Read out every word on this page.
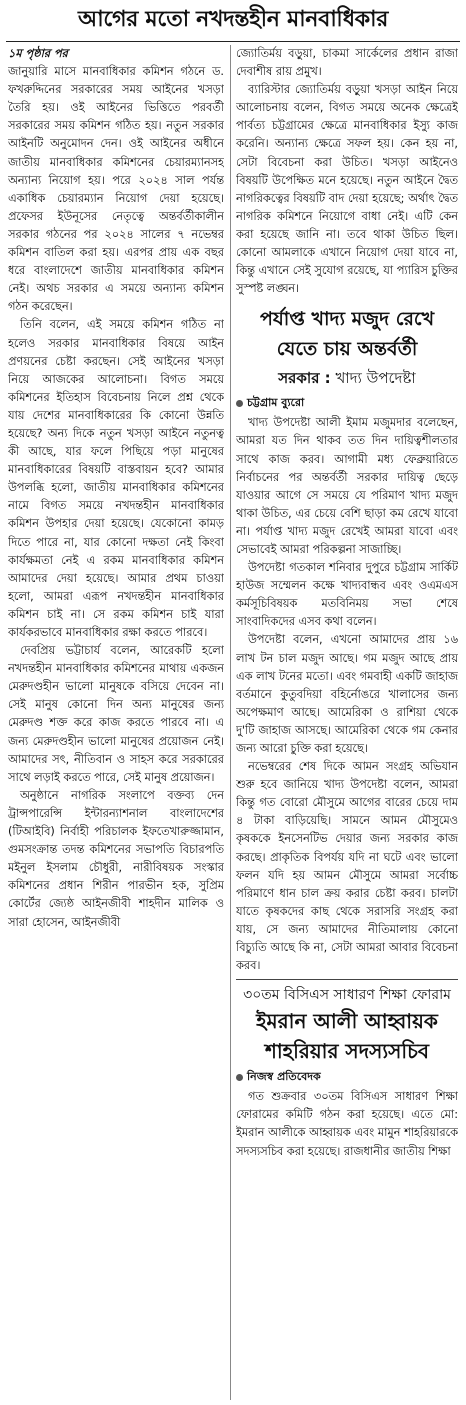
আগের মতো নখদন্তহীন মানবাধিকার

১ম পৃষ্ঠার পর
জানুয়ারি মাসে মানবাধিকার কমিশন গঠনে ড. ফখরুদ্দিনের সরকারের সময় আইনের খসড়া তৈরি হয়। ওই আইনের ভিত্তিতে পরবর্তী সরকারের সময় কমিশন গঠিত হয়। নতুন সরকার আইনটি অনুমোদন দেন। ওই আইনের অধীনে জাতীয় মানবাধিকার কমিশনের চেয়ারম্যানসহ অন্যান্য নিয়োগ হয়। পরে ২০২৪ সাল পর্যন্ত একাধিক চেয়ারম্যান নিয়োগ দেয়া হয়েছে। প্রফেসর ইউনূসের নেতৃত্বে অন্তর্বর্তীকালীন সরকার গঠনের পর ২০২৪ সালের ৭ নভেম্বর কমিশন বাতিল করা হয়। এরপর প্রায় এক বছর ধরে বাংলাদেশে জাতীয় মানবাধিকার কমিশন নেই। অথচ সরকার এ সময়ে অন্যান্য কমিশন গঠন করেছেন।

তিনি বলেন, এই সময়ে কমিশন গঠিত না হলেও সরকার মানবাধিকার বিষয়ে আইন প্রণয়নের চেষ্টা করছেন। সেই আইনের খসড়া নিয়ে আজকের আলোচনা। বিগত সময়ে কমিশনের ইতিহাস বিবেচনায় নিলে প্রশ্ন থেকে যায় দেশের মানবাধিকারের কি কোনো উন্নতি হয়েছে? অন্য দিকে নতুন খসড়া আইনে নতুনত্ব কী আছে, যার ফলে পিছিয়ে পড়া মানুষের মানবাধিকারের বিষয়টি বাস্তবায়ন হবে? আমার উপলব্ধি হলো, জাতীয় মানবাধিকার কমিশনের নামে বিগত সময়ে নখদন্তহীন মানবাধিকার কমিশন উপহার দেয়া হয়েছে। যেকোনো কামড় দিতে পারে না, যার কোনো দক্ষতা নেই কিংবা কার্যক্ষমতা নেই এ রকম মানবাধিকার কমিশন আমাদের দেয়া হয়েছে। আমার প্রথম চাওয়া হলো, আমরা এরূপ নখদন্তহীন মানবাধিকার কমিশন চাই না। সে রকম কমিশন চাই যারা কার্যকরভাবে মানবাধিকার রক্ষা করতে পারবে।

দেবপ্রিয় ভট্টাচার্য বলেন, আরেকটি হলো নখদন্তহীন মানবাধিকার কমিশনের মাথায় একজন মেরুদণ্ডহীন ভালো মানুষকে বসিয়ে দেবেন না। সেই মানুষ কোনো দিন অন্য মানুষের জন্য মেরুদণ্ড শক্ত করে কাজ করতে পারবে না। এ জন্য মেরুদণ্ডহীন ভালো মানুষের প্রয়োজন নেই। আমাদের সৎ, নীতিবান ও সাহস করে সরকারের সাথে লড়াই করতে পারে, সেই মানুষ প্রয়োজন।

অনুষ্ঠানে নাগরিক সংলাপে বক্তব্য দেন ট্রান্সপারেন্সি ইন্টারন্যাশনাল বাংলাদেশের (টিআইবি) নির্বাহী পরিচালক ইফতেখারুজ্জামান, গুমসংক্রান্ত তদন্ত কমিশনের সভাপতি বিচারপতি মইনুল ইসলাম চৌধুরী, নারীবিষয়ক সংস্কার কমিশনের প্রধান শিরীন পারভীন হক, সুপ্রিম কোর্টের জ্যেষ্ঠ আইনজীবী শাহদীন মালিক ও সারা হোসেন, আইনজীবী

জ্যোতির্ময় বড়ুয়া, চাকমা সার্কেলের প্রধান রাজা দেবাশীষ রায় প্রমুখ।

ব্যারিস্টার জ্যোতির্ময় বড়ুয়া খসড়া আইন নিয়ে আলোচনায় বলেন, বিগত সময়ে অনেক ক্ষেত্রেই পার্বত্য চট্টগ্রামের ক্ষেত্রে মানবাধিকার ইস্যু কাজ করেনি। অন্যান্য ক্ষেত্রে সফল হয়। কেন হয় না, সেটা বিবেচনা করা উচিত। খসড়া আইনেও বিষয়টি উপেক্ষিত মনে হয়েছে। নতুন আইনে দ্বৈত নাগরিকত্বের বিষয়টি বাদ দেয়া হয়েছে; অর্থাৎ দ্বৈত নাগরিক কমিশনে নিয়োগে বাধা নেই। এটি কেন করা হয়েছে জানি না। তবে থাকা উচিত ছিল। কোনো আমলাকে এখানে নিয়োগ দেয়া যাবে না, কিন্তু এখানে সেই সুযোগ রয়েছে, যা প্যারিস চুক্তির সুস্পষ্ট লঙ্ঘন।

পর্যাপ্ত খাদ্য মজুদ রেখে
যেতে চায় অন্তর্বর্তী
সরকার : খাদ্য উপদেষ্টা
চট্টগ্রাম ব্যুরো

খাদ্য উপদেষ্টা আলী ইমাম মজুমদার বলেছেন, আমরা যত দিন থাকব তত দিন দায়িত্বশীলতার সাথে কাজ করব। আগামী মধ্য ফেব্রুয়ারিতে নির্বাচনের পর অন্তর্বর্তী সরকার দায়িত্ব ছেড়ে যাওয়ার আগে সে সময়ে যে পরিমাণ খাদ্য মজুদ থাকা উচিত, এর চেয়ে বেশি ছাড়া কম রেখে যাবো না। পর্যাপ্ত খাদ্য মজুদ রেখেই আমরা যাবো এবং সেভাবেই আমরা পরিকল্পনা সাজাচ্ছি।

উপদেষ্টা গতকাল শনিবার দুপুরে চট্টগ্রাম সার্কিট হাউজ সম্মেলন কক্ষে খাদ্যবান্ধব এবং ওএমএস কর্মসূচিবিষয়ক মতবিনিময় সভা শেষে সাংবাদিকদের এসব কথা বলেন।

উপদেষ্টা বলেন, এখনো আমাদের প্রায় ১৬ লাখ টন চাল মজুদ আছে। গম মজুদ আছে প্রায় এক লাখ টনের মতো। এবং গমবাহী একটি জাহাজ বর্তমানে কুতুবদিয়া বহির্নোঙরে খালাসের জন্য অপেক্ষমাণ আছে। আমেরিকা ও রাশিয়া থেকে দু'টি জাহাজ আসছে। আমেরিকা থেকে গম কেনার জন্য আরো চুক্তি করা হয়েছে।

নভেম্বরের শেষ দিকে আমন সংগ্রহ অভিযান শুরু হবে জানিয়ে খাদ্য উপদেষ্টা বলেন, আমরা কিন্তু গত বোরো মৌসুমে আগের বারের চেয়ে দাম ৪ টাকা বাড়িয়েছি। সামনে আমন মৌসুমেও কৃষককে ইনসেনটিভ দেয়ার জন্য সরকার কাজ করছে। প্রাকৃতিক বিপর্যয় যদি না ঘটে এবং ভালো ফলন যদি হয় আমন মৌসুমে আমরা সর্বোচ্চ পরিমাণে ধান চাল ক্রয় করার চেষ্টা করব। চালটা যাতে কৃষকদের কাছ থেকে সরাসরি সংগ্রহ করা যায়, সে জন্য আমাদের নীতিমালায় কোনো বিচ্যুতি আছে কি না, সেটা আমরা আবার বিবেচনা করব।

৩০তম বিসিএস সাধারণ শিক্ষা ফোরাম
ইমরান আলী আহ্বায়ক
শাহরিয়ার সদস্যসচিব
নিজস্ব প্রতিবেদক

গত শুক্রবার ৩০তম বিসিএস সাধারণ শিক্ষা ফোরামের কমিটি গঠন করা হয়েছে। এতে মো: ইমরান আলীকে আহ্বায়ক এবং মামুন শাহরিয়ারকে সদস্যসচিব করা হয়েছে। রাজধানীর জাতীয় শিক্ষা
